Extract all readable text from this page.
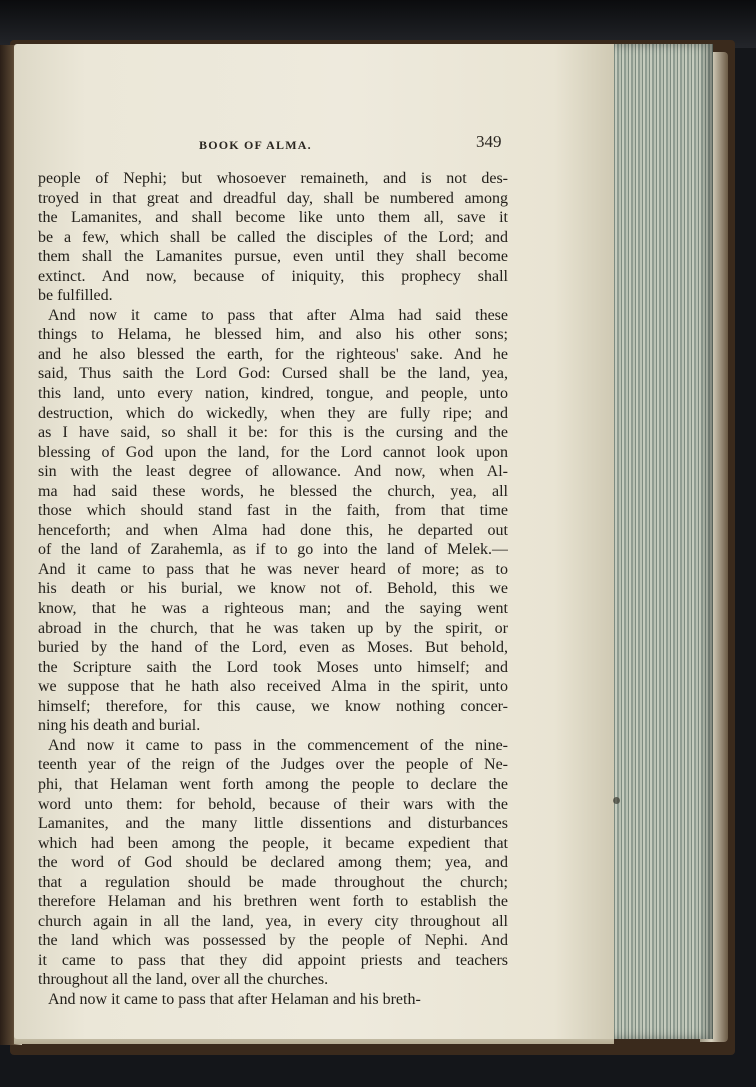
BOOK OF ALMA.	349
people of Nephi; but whosoever remaineth, and is not des-
troyed in that great and dreadful day, shall be numbered among
the Lamanites, and shall become like unto them all, save it
be a few, which shall be called the disciples of the Lord; and
them shall the Lamanites pursue, even until they shall become
extinct. And now, because of iniquity, this prophecy shall
be fulfilled.
And now it came to pass that after Alma had said these
things to Helama, he blessed him, and also his other sons;
and he also blessed the earth, for the righteous' sake. And he
said, Thus saith the Lord God: Cursed shall be the land, yea,
this land, unto every nation, kindred, tongue, and people, unto
destruction, which do wickedly, when they are fully ripe; and
as I have said, so shall it be: for this is the cursing and the
blessing of God upon the land, for the Lord cannot look upon
sin with the least degree of allowance. And now, when Al-
ma had said these words, he blessed the church, yea, all
those which should stand fast in the faith, from that time
henceforth; and when Alma had done this, he departed out
of the land of Zarahemla, as if to go into the land of Melek.—
And it came to pass that he was never heard of more; as to
his death or his burial, we know not of. Behold, this we
know, that he was a righteous man; and the saying went
abroad in the church, that he was taken up by the spirit, or
buried by the hand of the Lord, even as Moses. But behold,
the Scripture saith the Lord took Moses unto himself; and
we suppose that he hath also received Alma in the spirit, unto
himself; therefore, for this cause, we know nothing concer-
ning his death and burial.
And now it came to pass in the commencement of the nine-
teenth year of the reign of the Judges over the people of Ne-
phi, that Helaman went forth among the people to declare the
word unto them: for behold, because of their wars with the
Lamanites, and the many little dissentions and disturbances
which had been among the people, it became expedient that
the word of God should be declared among them; yea, and
that a regulation should be made throughout the church;
therefore Helaman and his brethren went forth to establish the
church again in all the land, yea, in every city throughout all
the land which was possessed by the people of Nephi. And
it came to pass that they did appoint priests and teachers
throughout all the land, over all the churches.
And now it came to pass that after Helaman and his breth-
